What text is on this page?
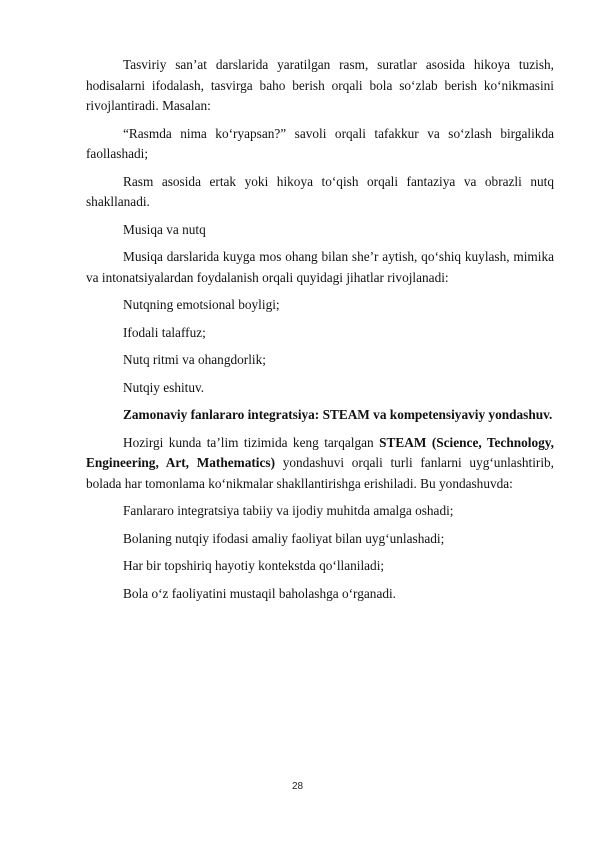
Tasviriy san’at darslarida yaratilgan rasm, suratlar asosida hikoya tuzish, hodisalarni ifodalash, tasvirga baho berish orqali bola so‘zlab berish ko‘nikmasini rivojlantiradi. Masalan:

“Rasmda nima ko‘ryapsan?” savoli orqali tafakkur va so‘zlash birgalikda faollashadi;

Rasm asosida ertak yoki hikoya to‘qish orqali fantaziya va obrazli nutq shakllanadi.

Musiqa va nutq

Musiqa darslarida kuyga mos ohang bilan she’r aytish, qo‘shiq kuylash, mimika va intonatsiyalardan foydalanish orqali quyidagi jihatlar rivojlanadi:

Nutqning emotsional boyligi;

Ifodali talaffuz;

Nutq ritmi va ohangdorlik;

Nutqiy eshituv.

Zamonaviy fanlararo integratsiya: STEAM va kompetensiyaviy yondashuv.

Hozirgi kunda ta’lim tizimida keng tarqalgan STEAM (Science, Technology, Engineering, Art, Mathematics) yondashuvi orqali turli fanlarni uyg‘unlashtirib, bolada har tomonlama ko‘nikmalar shakllantirishga erishiladi. Bu yondashuvda:

Fanlararo integratsiya tabiiy va ijodiy muhitda amalga oshadi;

Bolaning nutqiy ifodasi amaliy faoliyat bilan uyg‘unlashadi;

Har bir topshiriq hayotiy kontekstda qo‘llaniladi;

Bola o‘z faoliyatini mustaqil baholashga o‘rganadi.

28
